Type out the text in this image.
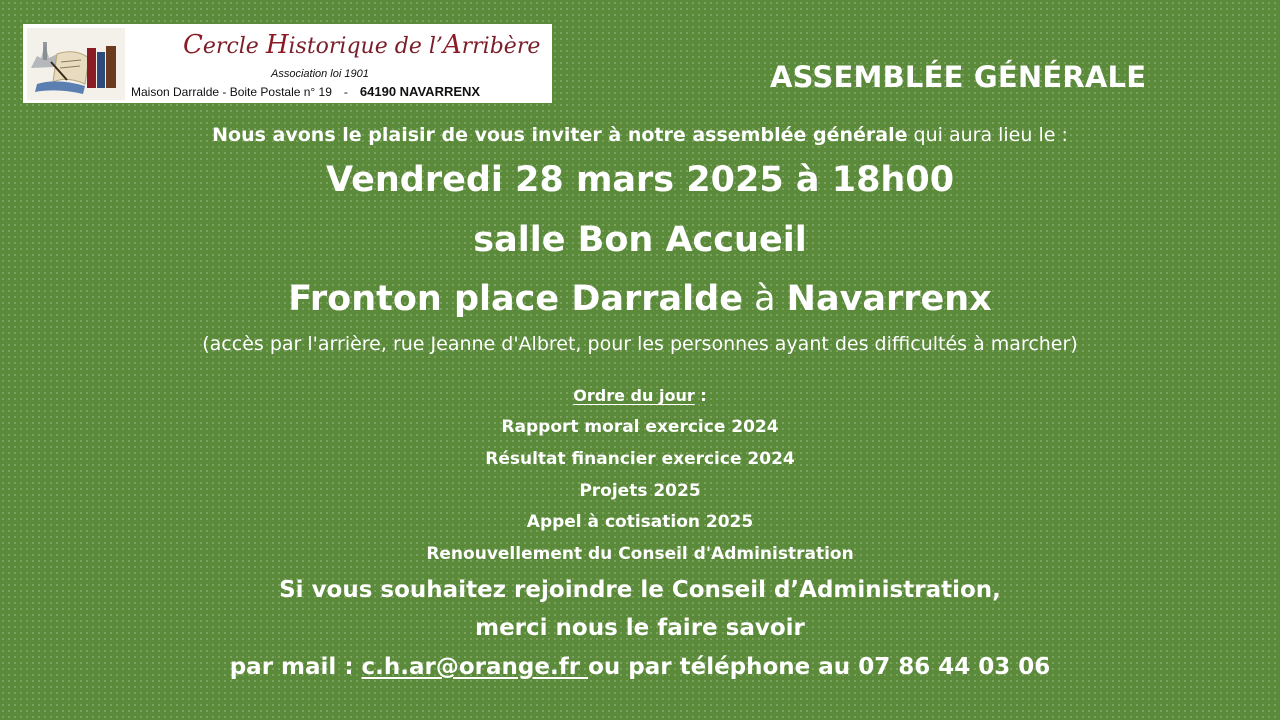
Cercle Historique de l’Arribère
Association loi 1901
Maison Darralde - Boite Postale n° 19 - 64190 NAVARRENX	ASSEMBLÉE GÉNÉRALE
Nous avons le plaisir de vous inviter à notre assemblée générale qui aura lieu le :
Vendredi 28 mars 2025 à 18h00
salle Bon Accueil
Fronton place Darralde à Navarrenx
(accès par l'arrière, rue Jeanne d'Albret, pour les personnes ayant des difficultés à marcher)
Ordre du jour :
Rapport moral exercice 2024
Résultat financier exercice 2024
Projets 2025
Appel à cotisation 2025
Renouvellement du Conseil d'Administration
Si vous souhaitez rejoindre le Conseil d’Administration,
merci nous le faire savoir
par mail : c.h.ar@orange.fr ou par téléphone au 07 86 44 03 06
